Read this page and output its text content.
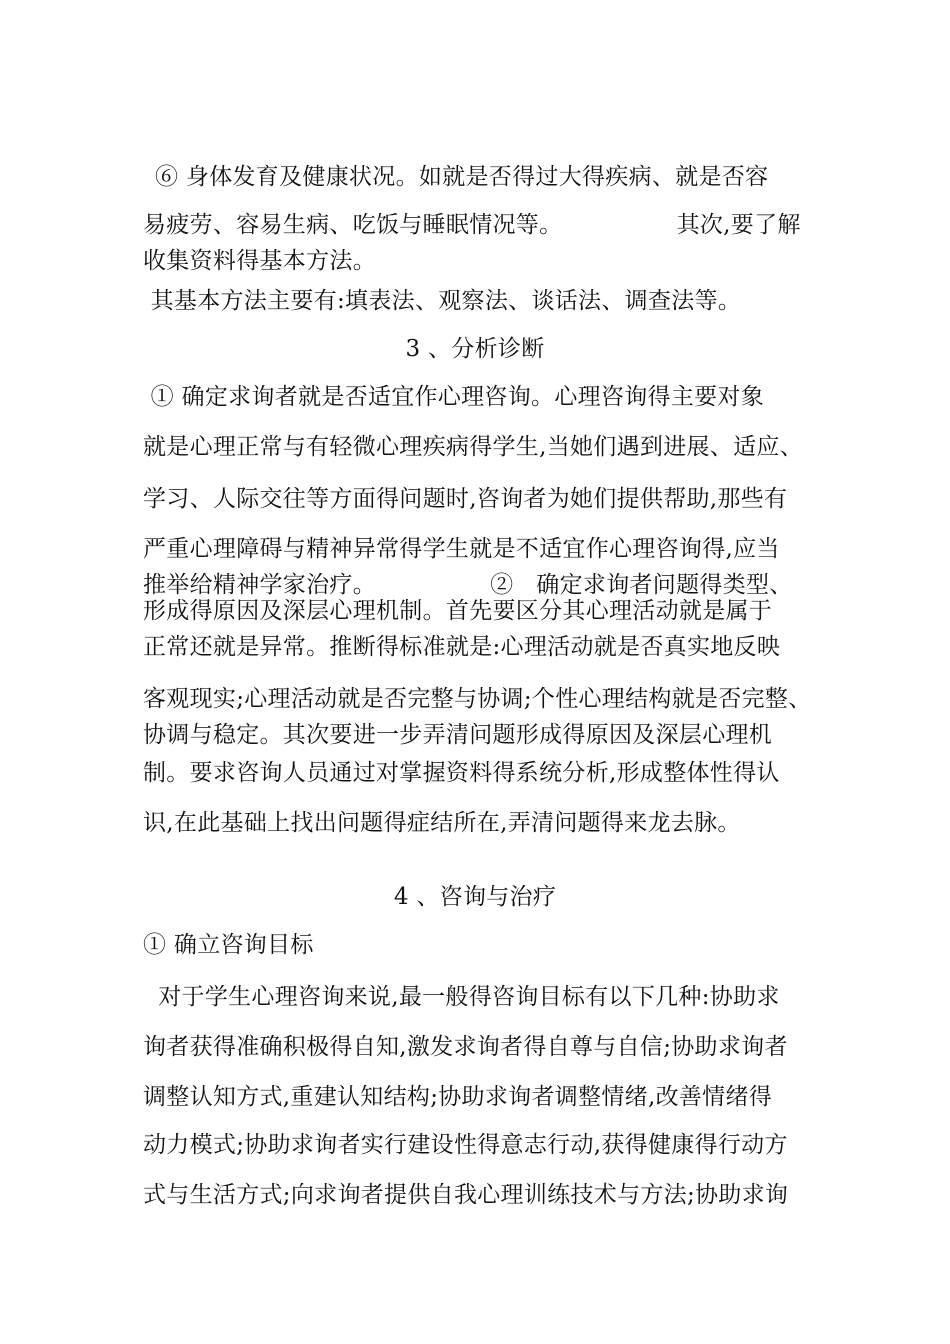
⑥ 身体发育及健康状况。如就是否得过大得疾病、就是否容
易疲劳、容易生病、吃饭与睡眠情况等。               其次,要了解
收集资料得基本方法。
其基本方法主要有:填表法、观察法、谈话法、调查法等。
3 、分析诊断
① 确定求询者就是否适宜作心理咨询。心理咨询得主要对象
就是心理正常与有轻微心理疾病得学生,当她们遇到进展、适应、
学习、人际交往等方面得问题时,咨询者为她们提供帮助,那些有
严重心理障碍与精神异常得学生就是不适宜作心理咨询得,应当
推举给精神学家治疗。               ②   确定求询者问题得类型、
形成得原因及深层心理机制。首先要区分其心理活动就是属于
正常还就是异常。推断得标准就是:心理活动就是否真实地反映
客观现实;心理活动就是否完整与协调;个性心理结构就是否完整、
协调与稳定。其次要进一步弄清问题形成得原因及深层心理机
制。要求咨询人员通过对掌握资料得系统分析,形成整体性得认
识,在此基础上找出问题得症结所在,弄清问题得来龙去脉。
4 、咨询与治疗
① 确立咨询目标
对于学生心理咨询来说,最一般得咨询目标有以下几种:协助求
询者获得准确积极得自知,激发求询者得自尊与自信;协助求询者
调整认知方式,重建认知结构;协助求询者调整情绪,改善情绪得
动力模式;协助求询者实行建设性得意志行动,获得健康得行动方
式与生活方式;向求询者提供自我心理训练技术与方法;协助求询
